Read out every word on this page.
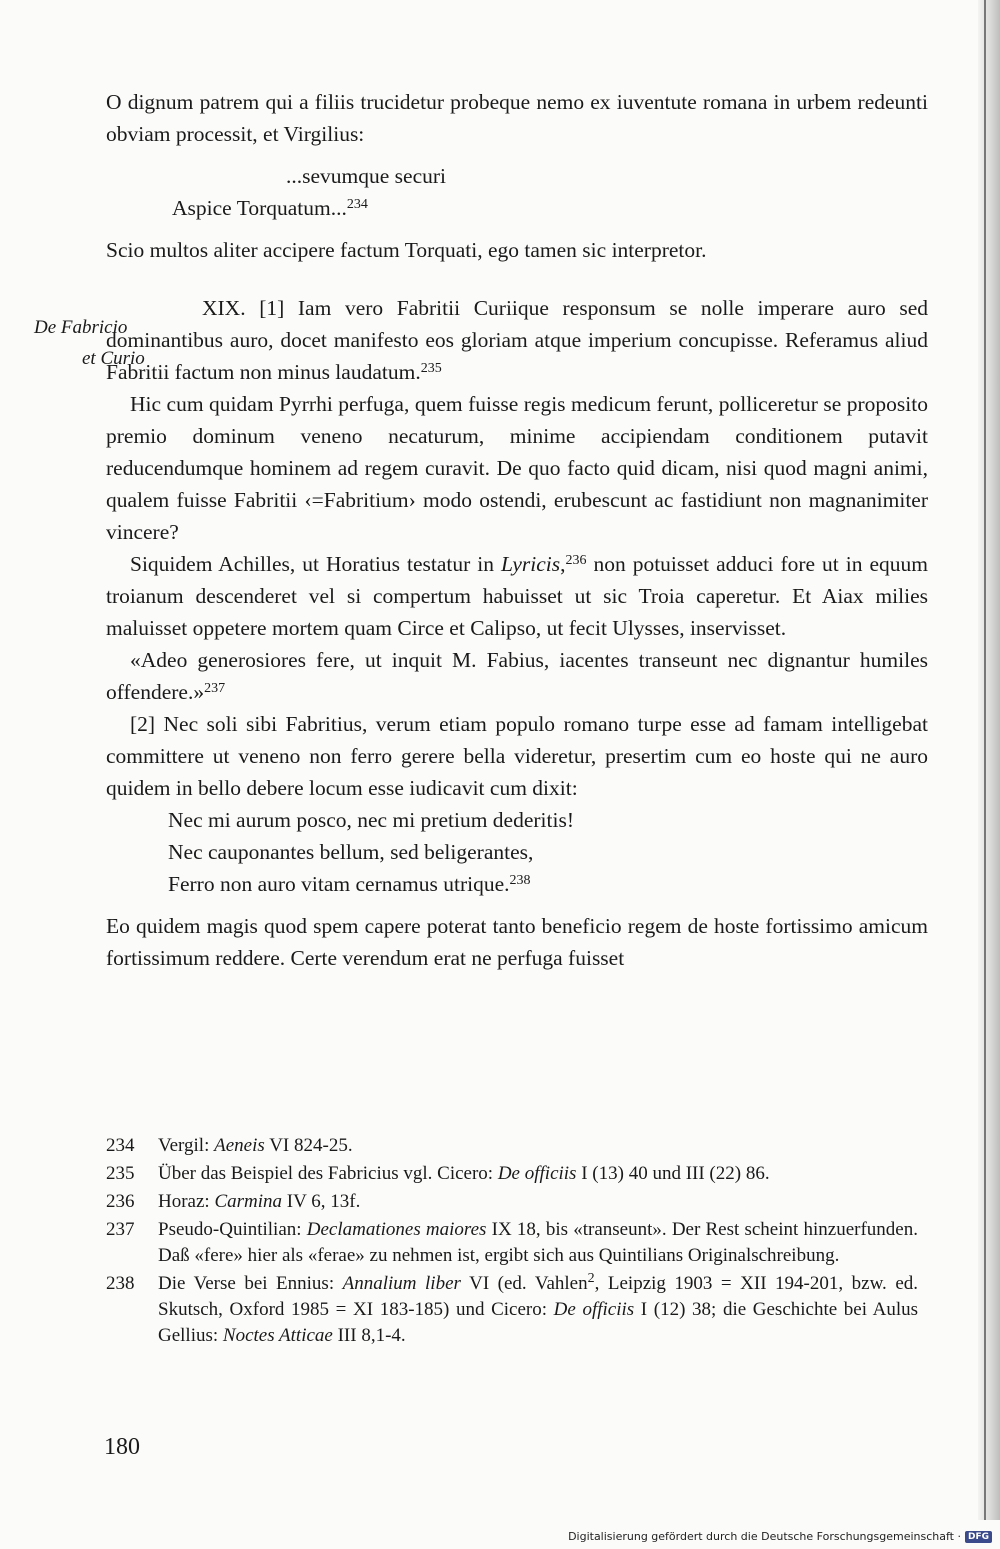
O dignum patrem qui a filiis trucidetur probeque nemo ex iuventute romana in urbem redeunti obviam processit, et Virgilius:

...sevumque securi
Aspice Torquatum...$^{234}$

Scio multos aliter accipere factum Torquati, ego tamen sic interpretor.

XIX. [1] Iam vero Fabritii Curiique responsum se nolle imperare auro sed dominantibus auro, docet manifesto eos gloriam atque imperium concupisse. Referamus aliud Fabritii factum non minus laudatum.$^{235}$

Hic cum quidam Pyrrhi perfuga, quem fuisse regis medicum ferunt, polliceretur se proposito premio dominum veneno necaturum, minime accipiendam conditionem putavit reducendumque hominem ad regem curavit. De quo facto quid dicam, nisi quod magni animi, qualem fuisse Fabritii ‹=Fabritium› modo ostendi, erubescunt ac fastidiunt non magnanimiter vincere?

Siquidem Achilles, ut Horatius testatur in Lyricis,$^{236}$ non potuisset adduci fore ut in equum troianum descenderet vel si compertum habuisset ut sic Troia caperetur. Et Aiax milies maluisset oppetere mortem quam Circe et Calipso, ut fecit Ulysses, inservisset.

«Adeo generosiores fere, ut inquit M. Fabius, iacentes transeunt nec dignantur humiles offendere.»$^{237}$

[2] Nec soli sibi Fabritius, verum etiam populo romano turpe esse ad famam intelligebat committere ut veneno non ferro gerere bella videretur, presertim cum eo hoste qui ne auro quidem in bello debere locum esse iudicavit cum dixit:

Nec mi aurum posco, nec mi pretium dederitis!
Nec cauponantes bellum, sed beligerantes,
Ferro non auro vitam cernamus utrique.$^{238}$

Eo quidem magis quod spem capere poterat tanto beneficio regem de hoste fortissimo amicum fortissimum reddere. Certe verendum erat ne perfuga fuisset

De Fabricio
et Curio
234	Vergil: Aeneis VI 824-25.
235	Über das Beispiel des Fabricius vgl. Cicero: De officiis I (13) 40 und III (22) 86.
236	Horaz: Carmina IV 6, 13f.
237	Pseudo-Quintilian: Declamationes maiores IX 18, bis «transeunt». Der Rest scheint hinzuerfunden. Daß «fere» hier als «ferae» zu nehmen ist, ergibt sich aus Quintilians Originalschreibung.
238	Die Verse bei Ennius: Annalium liber VI (ed. Vahlen$^2$, Leipzig 1903 = XII 194-201, bzw. ed. Skutsch, Oxford 1985 = XI 183-185) und Cicero: De officiis I (12) 38; die Geschichte bei Aulus Gellius: Noctes Atticae III 8,1-4.
180
Digitalisierung gefördert durch die Deutsche Forschungsgemeinschaft · DFG
